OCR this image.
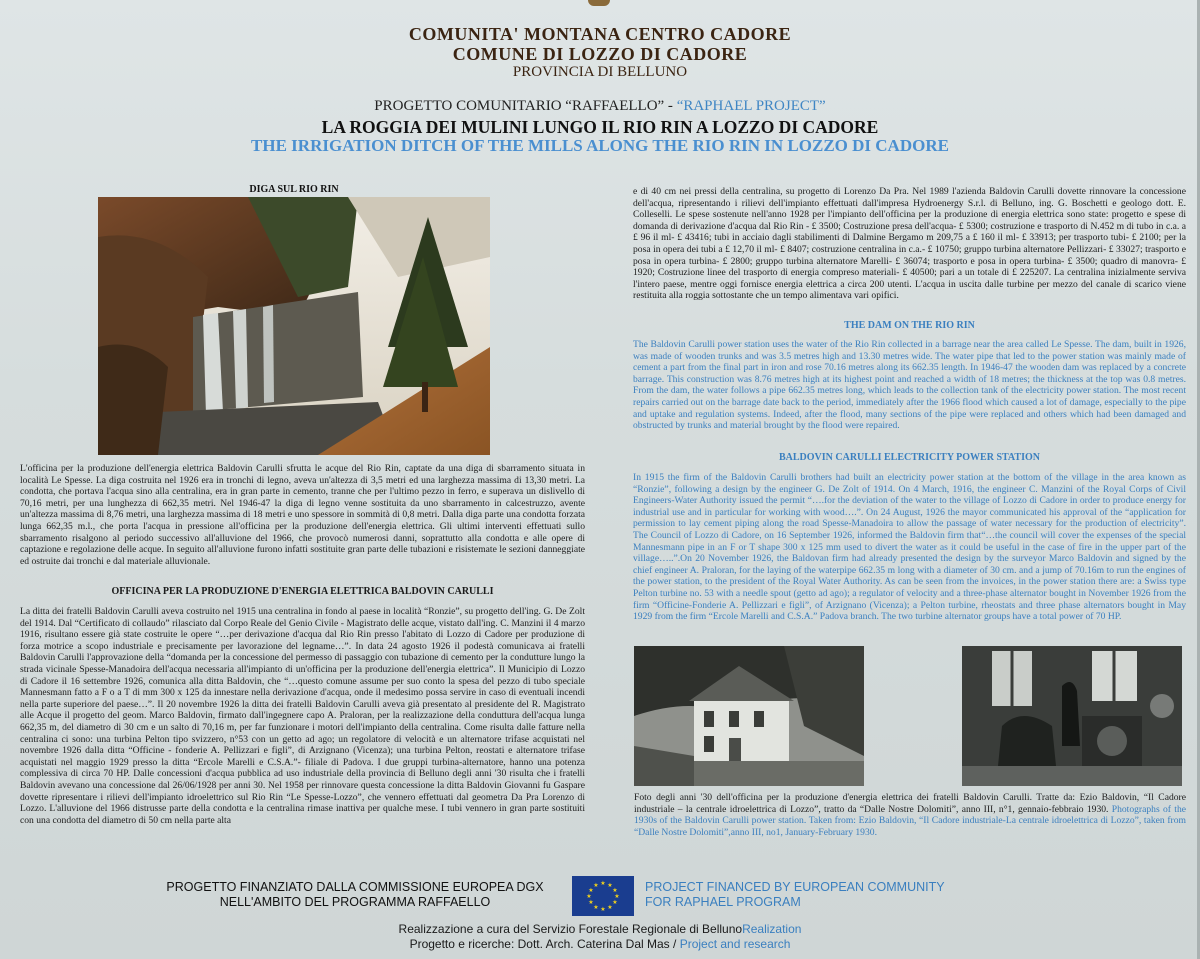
COMUNITA' MONTANA CENTRO CADORE
COMUNE DI LOZZO DI CADORE
PROVINCIA DI BELLUNO
PROGETTO COMUNITARIO “RAFFAELLO” - “RAPHAEL PROJECT”
LA ROGGIA DEI MULINI LUNGO IL RIO RIN A LOZZO DI CADORE
THE IRRIGATION DITCH OF THE MILLS ALONG THE RIO RIN IN LOZZO DI CADORE
DIGA SUL RIO RIN
L'officina per la produzione dell'energia elettrica Baldovin Carulli sfrutta le acque del Rio Rin, captate da una diga di sbarramento situata in località Le Spesse. La diga costruita nel 1926 era in tronchi di legno, aveva un'altezza di 3,5 metri ed una larghezza massima di 13,30 metri. La condotta, che portava l'acqua sino alla centralina, era in gran parte in cemento, tranne che per l'ultimo pezzo in ferro, e superava un dislivello di 70,16 metri, per una lunghezza di 662,35 metri. Nel 1946-47 la diga di legno venne sostituita da uno sbarramento in calcestruzzo, avente un'altezza massima di 8,76 metri, una larghezza massima di 18 metri e uno spessore in sommità di 0,8 metri. Dalla diga parte una condotta forzata lunga 662,35 m.l., che porta l'acqua in pressione all'officina per la produzione dell'energia elettrica. Gli ultimi interventi effettuati sullo sbarramento risalgono al periodo successivo all'alluvione del 1966, che provocò numerosi danni, soprattutto alla condotta e alle opere di captazione e regolazione delle acque. In seguito all'alluvione furono infatti sostituite gran parte delle tubazioni e risistemate le sezioni danneggiate ed ostruite dai tronchi e dal materiale alluvionale.
OFFICINA PER LA PRODUZIONE D'ENERGIA ELETTRICA BALDOVIN CARULLI
La ditta dei fratelli Baldovin Carulli aveva costruito nel 1915 una centralina in fondo al paese in località “Ronzie”, su progetto dell'ing. G. De Zolt del 1914. Dal “Certificato di collaudo” rilasciato dal Corpo Reale del Genio Civile - Magistrato delle acque, vistato dall'ing. C. Manzini il 4 marzo 1916, risultano essere già state costruite le opere “…per derivazione d'acqua dal Rio Rin presso l'abitato di Lozzo di Cadore per produzione di forza motrice a scopo industriale e precisamente per lavorazione del legname…”. In data 24 agosto 1926 il podestà comunicava ai fratelli Baldovin Carulli l'approvazione della “domanda per la concessione del permesso di passaggio con tubazione di cemento per la condutture lungo la strada vicinale Spesse-Manadoira dell'acqua necessaria all'impianto di un'officina per la produzione dell'energia elettrica”. Il Municipio di Lozzo di Cadore il 16 settembre 1926, comunica alla ditta Baldovin, che “…questo comune assume per suo conto la spesa del pezzo di tubo speciale Mannesmann fatto a F o a T di mm 300 x 125 da innestare nella derivazione d'acqua, onde il medesimo possa servire in caso di eventuali incendi nella parte superiore del paese…”. Il 20 novembre 1926 la ditta dei fratelli Baldovin Carulli aveva già presentato al presidente del R. Magistrato alle Acque il progetto del geom. Marco Baldovin, firmato dall'ingegnere capo A. Praloran, per la realizzazione della conduttura dell'acqua lunga 662,35 m, del diametro di 30 cm e un salto di 70,16 m, per far funzionare i motori dell'impianto della centralina. Come risulta dalle fatture nella centralina ci sono: una turbina Pelton tipo svizzero, n°53 con un getto ad ago; un regolatore di velocità e un alternatore trifase acquistati nel novembre 1926 dalla ditta “Officine - fonderie A. Pellizzari e figli”, di Arzignano (Vicenza); una turbina Pelton, reostati e alternatore trifase acquistati nel maggio 1929 presso la ditta “Ercole Marelli e C.S.A.”- filiale di Padova. I due gruppi turbina-alternatore, hanno una potenza complessiva di circa 70 HP. Dalle concessioni d'acqua pubblica ad uso industriale della provincia di Belluno degli anni '30 risulta che i fratelli Baldovin avevano una concessione dal 26/06/1928 per anni 30. Nel 1958 per rinnovare questa concessione la ditta Baldovin Giovanni fu Gaspare dovette ripresentare i rilievi dell'impianto idroelettrico sul Rio Rin “Le Spesse-Lozzo”, che vennero effettuati dal geometra Da Pra Lorenzo di Lozzo. L'alluvione del 1966 distrusse parte della condotta e la centralina rimase inattiva per qualche mese. I tubi vennero in gran parte sostituiti con una condotta del diametro di 50 cm nella parte alta
e di 40 cm nei pressi della centralina, su progetto di Lorenzo Da Pra. Nel 1989 l'azienda Baldovin Carulli dovette rinnovare la concessione dell'acqua, ripresentando i rilievi dell'impianto effettuati dall'impresa Hydroenergy S.r.l. di Belluno, ing. G. Boschetti e geologo dott. E. Colleselli. Le spese sostenute nell'anno 1928 per l'impianto dell'officina per la produzione di energia elettrica sono state: progetto e spese di domanda di derivazione d'acqua dal Rio Rin - £ 3500; Costruzione presa dell'acqua- £ 5300; costruzione e trasporto di N.452 m di tubo in c.a. a £ 96 il ml- £ 43416; tubi in acciaio dagli stabilimenti di Dalmine Bergamo m 209,75 a £ 160 il ml- £ 33913; per trasporto tubi- £ 2100; per la posa in opera dei tubi a £ 12,70 il ml- £ 8407; costruzione centralina in c.a.- £ 10750; gruppo turbina alternatore Pellizzari- £ 33027; trasporto e posa in opera turbina- £ 2800; gruppo turbina alternatore Marelli- £ 36074; trasporto e posa in opera turbina- £ 3500; quadro di manovra- £ 1920; Costruzione linee del trasporto di energia compreso materiali- £ 40500; pari a un totale di £ 225207. La centralina inizialmente serviva l'intero paese, mentre oggi fornisce energia elettrica a circa 200 utenti. L'acqua in uscita dalle turbine per mezzo del canale di scarico viene restituita alla roggia sottostante che un tempo alimentava vari opifici.
THE DAM ON THE RIO RIN
The Baldovin Carulli power station uses the water of the Rio Rin collected in a barrage near the area called Le Spesse. The dam, built in 1926, was made of wooden trunks and was 3.5 metres high and 13.30 metres wide. The water pipe that led to the power station was mainly made of cement a part from the final part in iron and rose 70.16 metres along its 662.35 length. In 1946-47 the wooden dam was replaced by a concrete barrage. This construction was 8.76 metres high at its highest point and reached a width of 18 metres; the thickness at the top was 0.8 metres. From the dam, the water follows a pipe 662.35 metres long, which leads to the collection tank of the electricity power station. The most recent repairs carried out on the barrage date back to the period, immediately after the 1966 flood which caused a lot of damage, especially to the pipe and uptake and regulation systems. Indeed, after the flood, many sections of the pipe were replaced and others which had been damaged and obstructed by trunks and material brought by the flood were repaired.
BALDOVIN CARULLI ELECTRICITY POWER STATION
In 1915 the firm of the Baldovin Carulli brothers had built an electricity power station at the bottom of the village in the area known as “Ronzie”, following a design by the engineer G. De Zolt of 1914. On 4 March, 1916, the engineer C. Manzini of the Royal Corps of Civil Engineers-Water Authority issued the permit “….for the deviation of the water to the village of Lozzo di Cadore in order to produce energy for industrial use and in particular for working with wood….”. On 24 August, 1926 the mayor communicated his approval of the “application for permission to lay cement piping along the road Spesse-Manadoira to allow the passage of water necessary for the production of electricity”. The Council of Lozzo di Cadore, on 16 September 1926, informed the Baldovin firm that“…the council will cover the expenses of the special Mannesmann pipe in an F or T shape 300 x 125 mm used to divert the water as it could be useful in the case of fire in the upper part of the village…..”.On 20 November 1926, the Baldovan firm had already presented the design by the surveyor Marco Baldovin and signed by the chief engineer A. Praloran, for the laying of the waterpipe 662.35 m long with a diameter of 30 cm. and a jump of 70.16m to run the engines of the power station, to the president of the Royal Water Authority. As can be seen from the invoices, in the power station there are: a Swiss type Pelton turbine no. 53 with a needle spout (getto ad ago); a regulator of velocity and a three-phase alternator bought in November 1926 from the firm “Officine-Fonderie A. Pellizzari e figli”, of Arzignano (Vicenza); a Pelton turbine, rheostats and three phase alternators bought in May 1929 from the firm “Ercole Marelli and C.S.A.” Padova branch. The two turbine alternator groups have a total power of 70 HP.
Foto degli anni '30 dell'officina per la produzione d'energia elettrica dei fratelli Baldovin Carulli. Tratte da: Ezio Baldovin, “Il Cadore industriale – la centrale idroelettrica di Lozzo”, tratto da “Dalle Nostre Dolomiti”, anno III, n°1, gennaio-febbraio 1930. Photographs of the 1930s of the Baldovin Carulli power station. Taken from: Ezio Baldovin, “Il Cadore industriale-La centrale idroelettrica di Lozzo”, taken from “Dalle Nostre Dolomiti”,anno III, no1, January-February 1930.
PROGETTO FINANZIATO DALLA COMMISSIONE EUROPEA DGX
NELL'AMBITO DEL PROGRAMMA RAFFAELLO
★ ★
★
★
★
★
★
★
★
★
★
★	PROJECT FINANCED BY EUROPEAN COMMUNITY
FOR RAPHAEL PROGRAM
Realizzazione a cura del Servizio Forestale Regionale di BellunoRealization
Progetto e ricerche: Dott. Arch. Caterina Dal Mas / Project and research
